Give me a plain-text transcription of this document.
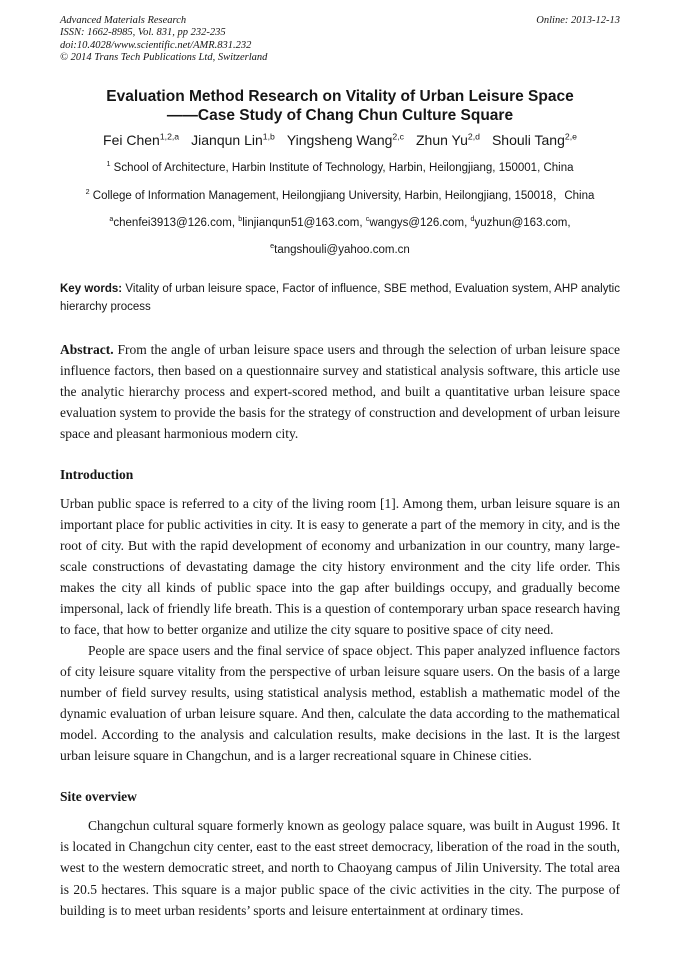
Advanced Materials Research
ISSN: 1662-8985, Vol. 831, pp 232-235
doi:10.4028/www.scientific.net/AMR.831.232
© 2014 Trans Tech Publications Ltd, Switzerland
Online: 2013-12-13
Evaluation Method Research on Vitality of Urban Leisure Space
——Case Study of Chang Chun Culture Square
Fei Chen$^{1,2,a}$ Jianqun Lin$^{1,b}$ Yingsheng Wang$^{2,c}$ Zhun Yu$^{2,d}$ Shouli Tang$^{2,e}$
$^1$ School of Architecture, Harbin Institute of Technology, Harbin, Heilongjiang, 150001, China
$^2$ College of Information Management, Heilongjiang University, Harbin, Heilongjiang, 150018，China
$^a$chenfei3913@126.com, $^b$linjianqun51@163.com, $^c$wangys@126.com, $^d$yuzhun@163.com,
$^e$tangshouli@yahoo.com.cn

Key words: Vitality of urban leisure space, Factor of influence, SBE method, Evaluation system, AHP analytic hierarchy process

Abstract. From the angle of urban leisure space users and through the selection of urban leisure space influence factors, then based on a questionnaire survey and statistical analysis software, this article use the analytic hierarchy process and expert-scored method, and built a quantitative urban leisure space evaluation system to provide the basis for the strategy of construction and development of urban leisure space and pleasant harmonious modern city.

Introduction

Urban public space is referred to a city of the living room [1]. Among them, urban leisure square is an important place for public activities in city. It is easy to generate a part of the memory in city, and is the root of city. But with the rapid development of economy and urbanization in our country, many large-scale constructions of devastating damage the city history environment and the city life order. This makes the city all kinds of public space into the gap after buildings occupy, and gradually become impersonal, lack of friendly life breath. This is a question of contemporary urban space research having to face, that how to better organize and utilize the city square to positive space of city need.

People are space users and the final service of space object. This paper analyzed influence factors of city leisure square vitality from the perspective of urban leisure square users. On the basis of a large number of field survey results, using statistical analysis method, establish a mathematic model of the dynamic evaluation of urban leisure square. And then, calculate the data according to the mathematical model. According to the analysis and calculation results, make decisions in the last. It is the largest urban leisure square in Changchun, and is a larger recreational square in Chinese cities.

Site overview

Changchun cultural square formerly known as geology palace square, was built in August 1996. It is located in Changchun city center, east to the east street democracy, liberation of the road in the south, west to the western democratic street, and north to Chaoyang campus of Jilin University. The total area is 20.5 hectares. This square is a major public space of the civic activities in the city. The purpose of building is to meet urban residents’ sports and leisure entertainment at ordinary times.
